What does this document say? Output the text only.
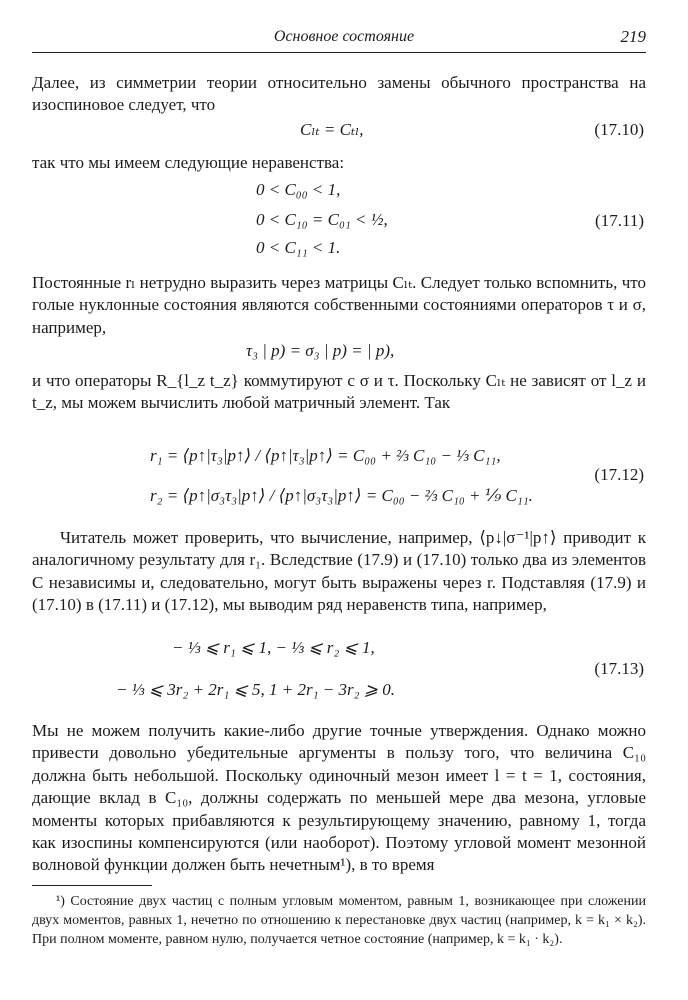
Основное состояние	219

Далее, из симметрии теории относительно замены обычного пространства на изоспиновое следует, что

Cₗₜ = Cₜₗ,	(17.10)

так что мы имеем следующие неравенства:

0 < C₀₀ < 1,
0 < C₁₀ = C₀₁ < ½,
0 < C₁₁ < 1.
(17.11)

Постоянные rₗ нетрудно выразить через матрицы Cₗₜ. Следует только вспомнить, что голые нуклонные состояния являются собственными состояниями операторов τ и σ, например,

τ₃ | p) = σ₃ | p) = | p),

и что операторы R_{l_z t_z} коммутируют с σ и τ. Поскольку Cₗₜ не зависят от l_z и t_z, мы можем вычислить любой матричный элемент. Так

r₁ = ⟨p↑|τ₃|p↑⟩ / ⟨p↑|τ₃|p↑⟩ = C₀₀ + ⅔ C₁₀ − ⅓ C₁₁,
r₂ = ⟨p↑|σ₃τ₃|p↑⟩ / ⟨p↑|σ₃τ₃|p↑⟩ = C₀₀ − ⅔ C₁₀ + ⅑ C₁₁.
(17.12)

Читатель может проверить, что вычисление, например, ⟨p↓|σ⁻¹|p↑⟩ приводит к аналогичному результату для r₁. Вследствие (17.9) и (17.10) только два из элементов C независимы и, следовательно, могут быть выражены через r. Подставляя (17.9) и (17.10) в (17.11) и (17.12), мы выводим ряд неравенств типа, например,

− ⅓ ⩽ r₁ ⩽ 1, − ⅓ ⩽ r₂ ⩽ 1,
− ⅓ ⩽ 3r₂ + 2r₁ ⩽ 5, 1 + 2r₁ − 3r₂ ⩾ 0.
(17.13)

Мы не можем получить какие-либо другие точные утверждения. Однако можно привести довольно убедительные аргументы в пользу того, что величина C₁₀ должна быть небольшой. Поскольку одиночный мезон имеет l = t = 1, состояния, дающие вклад в C₁₀, должны содержать по меньшей мере два мезона, угловые моменты которых прибавляются к результирующему значению, равному 1, тогда как изоспины компенсируются (или наоборот). Поэтому угловой момент мезонной волновой функции должен быть нечетным¹), в то время

¹) Состояние двух частиц с полным угловым моментом, равным 1, возникающее при сложении двух моментов, равных 1, нечетно по отношению к перестановке двух частиц (например, k = k₁ × k₂). При полном моменте, равном нулю, получается четное состояние (например, k = k₁ · k₂).
